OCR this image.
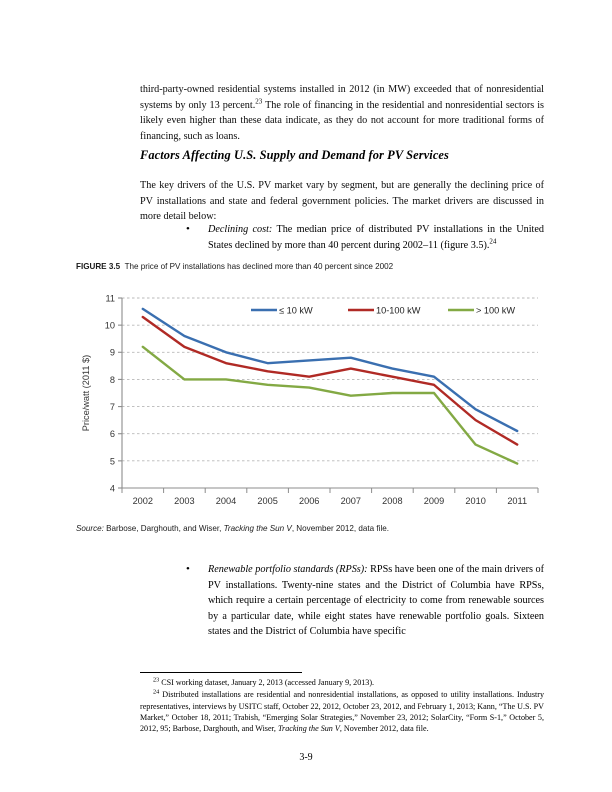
third-party-owned residential systems installed in 2012 (in MW) exceeded that of nonresidential systems by only 13 percent.$^{23}$ The role of financing in the residential and nonresidential sectors is likely even higher than these data indicate, as they do not account for more traditional forms of financing, such as loans.

Factors Affecting U.S. Supply and Demand for PV Services

The key drivers of the U.S. PV market vary by segment, but are generally the declining price of PV installations and state and federal government policies. The market drivers are discussed in more detail below:

•	Declining cost: The median price of distributed PV installations in the United States declined by more than 40 percent during 2002–11 (figure 3.5).$^{24}$
FIGURE 3.5 The price of PV installations has declined more than 40 percent since 2002
4
5
6
7
8
9
10
11
2002 2003 2004 2005 2006 2007 2008 2009 2010 2011
≤ 10 kW	10-100 kW	> 100 kW
Price/watt (2011 $)
Source: Barbose, Darghouth, and Wiser, Tracking the Sun V, November 2012, data file.
•	Renewable portfolio standards (RPSs): RPSs have been one of the main drivers of PV installations. Twenty-nine states and the District of Columbia have RPSs, which require a certain percentage of electricity to come from renewable sources by a particular date, while eight states have renewable portfolio goals. Sixteen states and the District of Columbia have specific

$^{23}$ CSI working dataset, January 2, 2013 (accessed January 9, 2013).

$^{24}$ Distributed installations are residential and nonresidential installations, as opposed to utility installations. Industry representatives, interviews by USITC staff, October 22, 2012, October 23, 2012, and February 1, 2013; Kann, “The U.S. PV Market,” October 18, 2011; Trabish, “Emerging Solar Strategies,” November 23, 2012; SolarCity, “Form S-1,” October 5, 2012, 95; Barbose, Darghouth, and Wiser, Tracking the Sun V, November 2012, data file.

3-9
